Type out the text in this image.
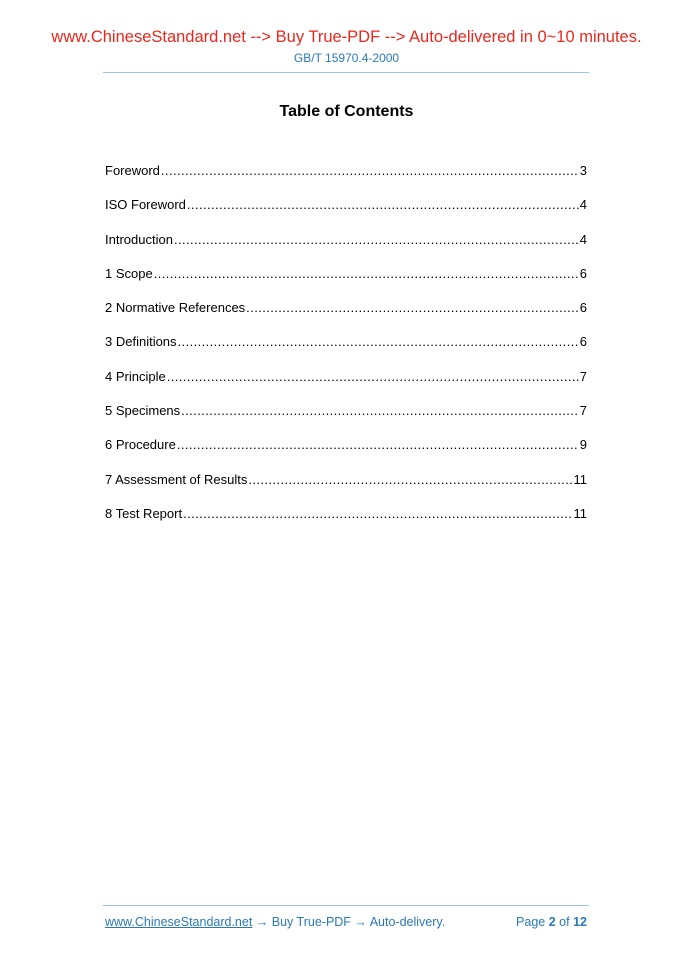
www.ChineseStandard.net --> Buy True-PDF --> Auto-delivered in 0~10 minutes.
GB/T 15970.4-2000
Table of Contents
Foreword .....	3
ISO Foreword .....	4
Introduction .....	4
1 Scope .....	6
2 Normative References .....	6
3 Definitions .....	6
4 Principle .....	7
5 Specimens .....	7
6 Procedure .....	9
7 Assessment of Results .....	11
8 Test Report .....	11
www.ChineseStandard.net → Buy True-PDF → Auto-delivery.	Page 2 of 12
